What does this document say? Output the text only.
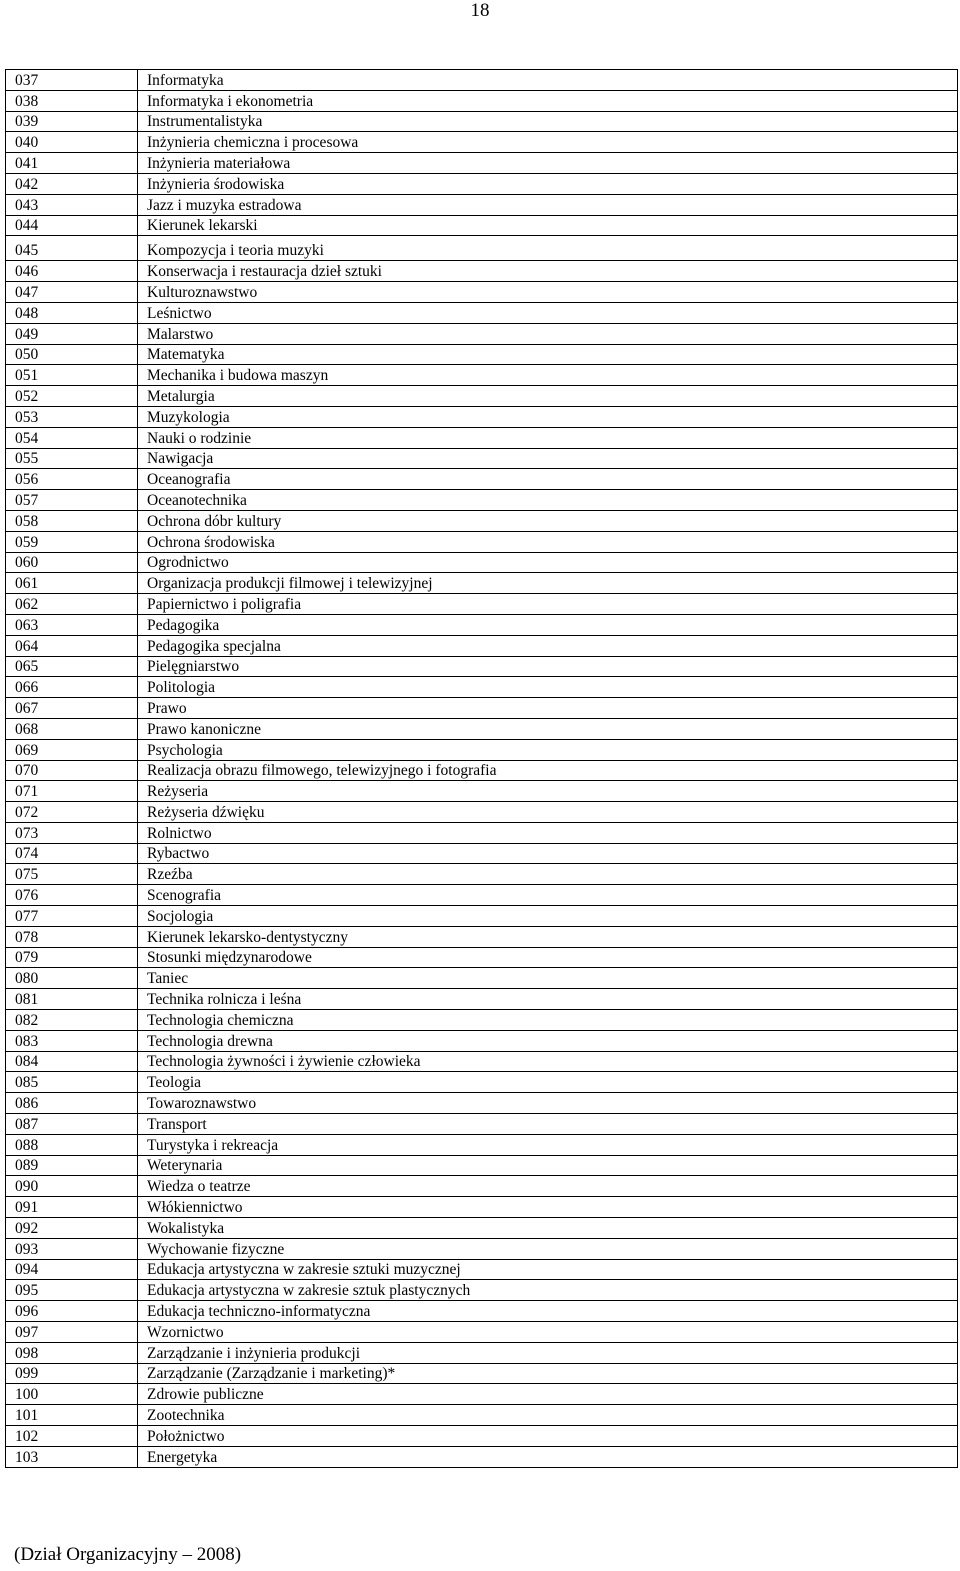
18
037	Informatyka
038	Informatyka i ekonometria
039	Instrumentalistyka
040	Inżynieria chemiczna i procesowa
041	Inżynieria materiałowa
042	Inżynieria środowiska
043	Jazz i muzyka estradowa
044	Kierunek lekarski
045	Kompozycja i teoria muzyki
046	Konserwacja i restauracja dzieł sztuki
047	Kulturoznawstwo
048	Leśnictwo
049	Malarstwo
050	Matematyka
051	Mechanika i budowa maszyn
052	Metalurgia
053	Muzykologia
054	Nauki o rodzinie
055	Nawigacja
056	Oceanografia
057	Oceanotechnika
058	Ochrona dóbr kultury
059	Ochrona środowiska
060	Ogrodnictwo
061	Organizacja produkcji filmowej i telewizyjnej
062	Papiernictwo i poligrafia
063	Pedagogika
064	Pedagogika specjalna
065	Pielęgniarstwo
066	Politologia
067	Prawo
068	Prawo kanoniczne
069	Psychologia
070	Realizacja obrazu filmowego, telewizyjnego i fotografia
071	Reżyseria
072	Reżyseria dźwięku
073	Rolnictwo
074	Rybactwo
075	Rzeźba
076	Scenografia
077	Socjologia
078	Kierunek lekarsko-dentystyczny
079	Stosunki międzynarodowe
080	Taniec
081	Technika rolnicza i leśna
082	Technologia chemiczna
083	Technologia drewna
084	Technologia żywności i żywienie człowieka
085	Teologia
086	Towaroznawstwo
087	Transport
088	Turystyka i rekreacja
089	Weterynaria
090	Wiedza o teatrze
091	Włókiennictwo
092	Wokalistyka
093	Wychowanie fizyczne
094	Edukacja artystyczna w zakresie sztuki muzycznej
095	Edukacja artystyczna w zakresie sztuk plastycznych
096	Edukacja techniczno-informatyczna
097	Wzornictwo
098	Zarządzanie i inżynieria produkcji
099	Zarządzanie (Zarządzanie i marketing)*
100	Zdrowie publiczne
101	Zootechnika
102	Położnictwo
103	Energetyka
(Dział Organizacyjny – 2008)
